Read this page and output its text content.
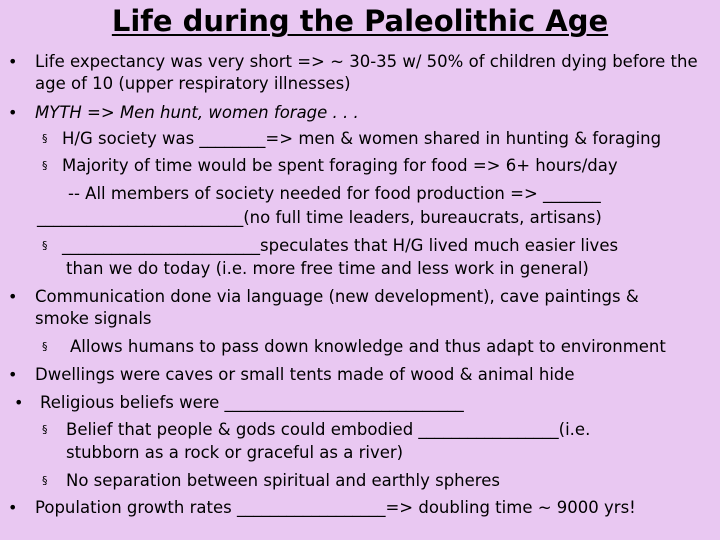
Life during the Paleolithic Age
• Life expectancy was very short => ~ 30-35 w/ 50% of children dying before the
age of 10 (upper respiratory illnesses)
• MYTH => Men hunt, women forage . . .
§ H/G society was ________=> men & women shared in hunting & foraging
§ Majority of time would be spent foraging for food => 6+ hours/day
-- All members of society needed for food production => _______
_________________________(no full time leaders, bureaucrats, artisans)
§ ________________________speculates that H/G lived much easier lives
than we do today (i.e. more free time and less work in general)
• Communication done via language (new development), cave paintings &
smoke signals
§ Allows humans to pass down knowledge and thus adapt to environment
• Dwellings were caves or small tents made of wood & animal hide
• Religious beliefs were _____________________________
§ Belief that people & gods could embodied _________________(i.e.
stubborn as a rock or graceful as a river)
§ No separation between spiritual and earthly spheres
• Population growth rates __________________=> doubling time ~ 9000 yrs!
